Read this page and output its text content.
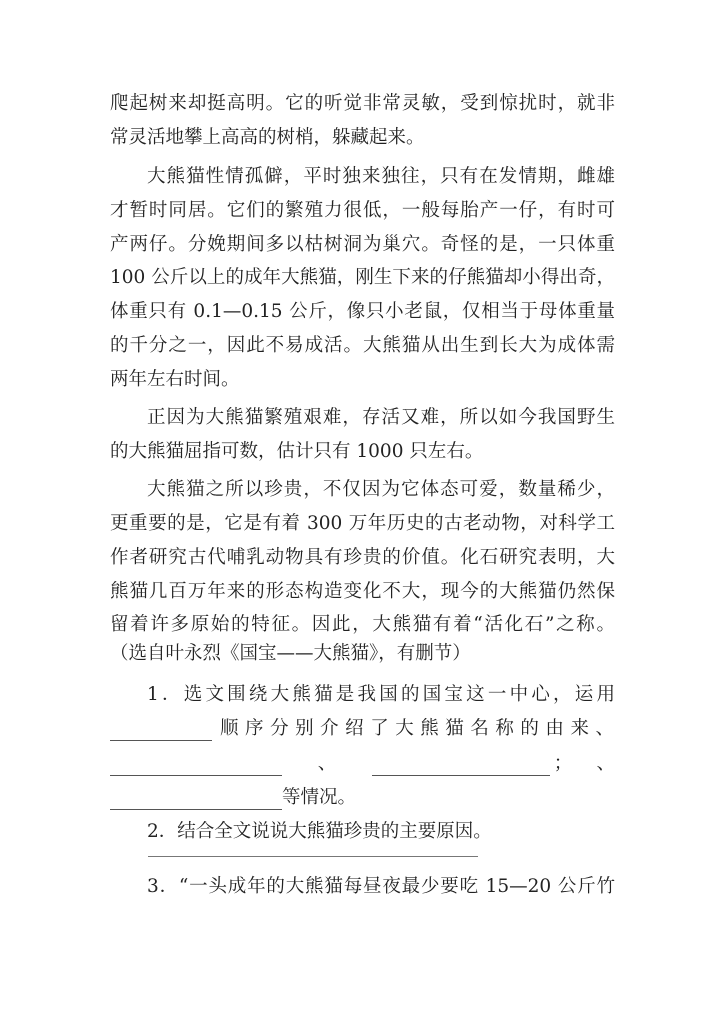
爬起树来却挺高明。它的听觉非常灵敏，受到惊扰时，就非
常灵活地攀上高高的树梢，躲藏起来。
大熊猫性情孤僻，平时独来独往，只有在发情期，雌雄
才暂时同居。它们的繁殖力很低，一般每胎产一仔，有时可
产两仔。分娩期间多以枯树洞为巢穴。奇怪的是，一只体重
100 公斤以上的成年大熊猫，刚生下来的仔熊猫却小得出奇，
体重只有 0.1—0.15 公斤，像只小老鼠，仅相当于母体重量
的千分之一，因此不易成活。大熊猫从出生到长大为成体需
两年左右时间。
正因为大熊猫繁殖艰难，存活又难，所以如今我国野生
的大熊猫屈指可数，估计只有 1000 只左右。
大熊猫之所以珍贵，不仅因为它体态可爱，数量稀少，
更重要的是，它是有着 300 万年历史的古老动物，对科学工
作者研究古代哺乳动物具有珍贵的价值。化石研究表明，大
熊猫几百万年来的形态构造变化不大，现今的大熊猫仍然保
留着许多原始的特征。因此，大熊猫有着“活化石”之称。
（选自叶永烈《国宝——大熊猫》，有删节）
1．选文围绕大熊猫是我国的国宝这一中心，运用
顺序分别介绍了大熊猫名称的由来、
、	；	、
等情况。
2．结合全文说说大熊猫珍贵的主要原因。
3．“一头成年的大熊猫每昼夜最少要吃 15—20 公斤竹
